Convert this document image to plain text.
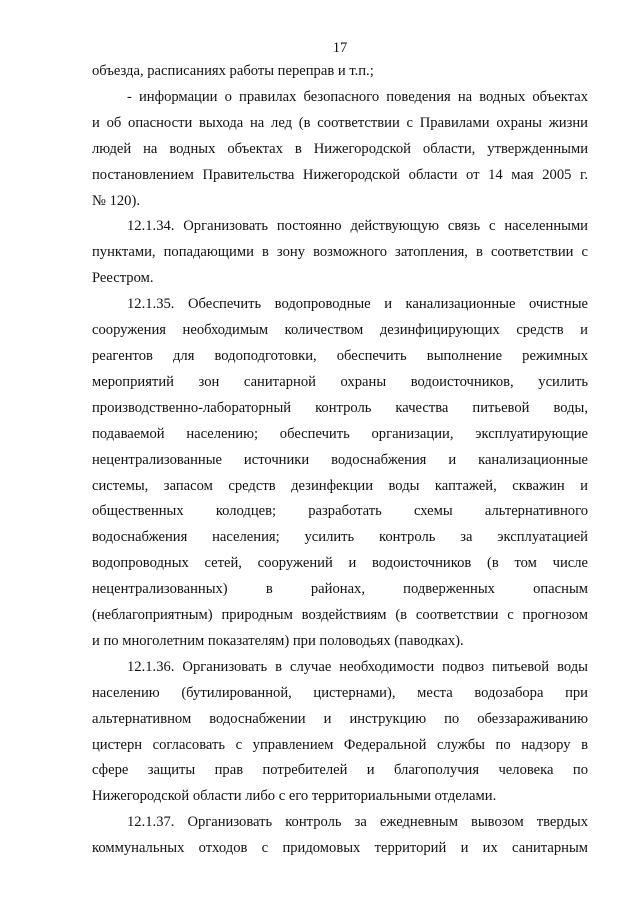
17
объезда, расписаниях работы переправ и т.п.;
- информации о правилах безопасного поведения на водных объектах
и об опасности выхода на лед (в соответствии с Правилами охраны жизни
людей на водных объектах в Нижегородской области, утвержденными
постановлением Правительства Нижегородской области от 14 мая 2005 г.
№ 120).
12.1.34. Организовать постоянно действующую связь с населенными
пунктами, попадающими в зону возможного затопления, в соответствии с
Реестром.
12.1.35. Обеспечить водопроводные и канализационные очистные
сооружения необходимым количеством дезинфицирующих средств и
реагентов для водоподготовки, обеспечить выполнение режимных
мероприятий зон санитарной охраны водоисточников, усилить
производственно-лабораторный контроль качества питьевой воды,
подаваемой населению; обеспечить организации, эксплуатирующие
нецентрализованные источники водоснабжения и канализационные
системы, запасом средств дезинфекции воды каптажей, скважин и
общественных колодцев; разработать схемы альтернативного
водоснабжения населения; усилить контроль за эксплуатацией
водопроводных сетей, сооружений и водоисточников (в том числе
нецентрализованных) в районах, подверженных опасным
(неблагоприятным) природным воздействиям (в соответствии с прогнозом
и по многолетним показателям) при половодьях (паводках).
12.1.36. Организовать в случае необходимости подвоз питьевой воды
населению (бутилированной, цистернами), места водозабора при
альтернативном водоснабжении и инструкцию по обеззараживанию
цистерн согласовать с управлением Федеральной службы по надзору в
сфере защиты прав потребителей и благополучия человека по
Нижегородской области либо с его территориальными отделами.
12.1.37. Организовать контроль за ежедневным вывозом твердых
коммунальных отходов с придомовых территорий и их санитарным
